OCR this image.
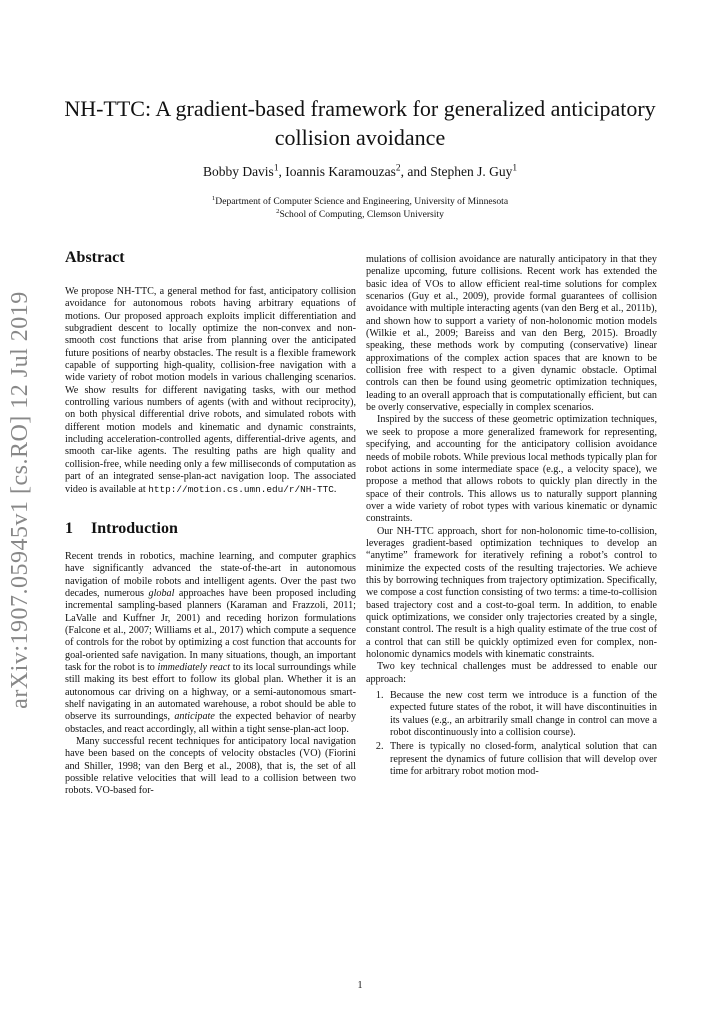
arXiv:1907.05945v1 [cs.RO] 12 Jul 2019
NH-TTC: A gradient-based framework for generalized anticipatory collision avoidance
Bobby Davis$^1$, Ioannis Karamouzas$^2$, and Stephen J. Guy$^1$
$^1$Department of Computer Science and Engineering, University of Minnesota
$^2$School of Computing, Clemson University
Abstract

We propose NH-TTC, a general method for fast, anticipatory collision avoidance for autonomous robots having arbitrary equations of motions. Our proposed approach exploits implicit differentiation and subgradient descent to locally optimize the non-convex and non-smooth cost functions that arise from planning over the anticipated future positions of nearby obstacles. The result is a flexible framework capable of supporting high-quality, collision-free navigation with a wide variety of robot motion models in various challenging scenarios. We show results for different navigating tasks, with our method controlling various numbers of agents (with and without reciprocity), on both physical differential drive robots, and simulated robots with different motion models and kinematic and dynamic constraints, including acceleration-controlled agents, differential-drive agents, and smooth car-like agents. The resulting paths are high quality and collision-free, while needing only a few milliseconds of computation as part of an integrated sense-plan-act navigation loop. The associated video is available at http://motion.cs.umn.edu/r/NH-TTC.

1 Introduction

Recent trends in robotics, machine learning, and computer graphics have significantly advanced the state-of-the-art in autonomous navigation of mobile robots and intelligent agents. Over the past two decades, numerous global approaches have been proposed including incremental sampling-based planners (Karaman and Frazzoli, 2011; LaValle and Kuffner Jr, 2001) and receding horizon formulations (Falcone et al., 2007; Williams et al., 2017) which compute a sequence of controls for the robot by optimizing a cost function that accounts for goal-oriented safe navigation. In many situations, though, an important task for the robot is to immediately react to its local surroundings while still making its best effort to follow its global plan. Whether it is an autonomous car driving on a highway, or a semi-autonomous smart-shelf navigating in an automated warehouse, a robot should be able to observe its surroundings, anticipate the expected behavior of nearby obstacles, and react accordingly, all within a tight sense-plan-act loop.

Many successful recent techniques for anticipatory local navigation have been based on the concepts of velocity obstacles (VO) (Fiorini and Shiller, 1998; van den Berg et al., 2008), that is, the set of all possible relative velocities that will lead to a collision between two robots. VO-based for-

mulations of collision avoidance are naturally anticipatory in that they penalize upcoming, future collisions. Recent work has extended the basic idea of VOs to allow efficient real-time solutions for complex scenarios (Guy et al., 2009), provide formal guarantees of collision avoidance with multiple interacting agents (van den Berg et al., 2011b), and shown how to support a variety of non-holonomic motion models (Wilkie et al., 2009; Bareiss and van den Berg, 2015). Broadly speaking, these methods work by computing (conservative) linear approximations of the complex action spaces that are known to be collision free with respect to a given dynamic obstacle. Optimal controls can then be found using geometric optimization techniques, leading to an overall approach that is computationally efficient, but can be overly conservative, especially in complex scenarios.

Inspired by the success of these geometric optimization techniques, we seek to propose a more generalized framework for representing, specifying, and accounting for the anticipatory collision avoidance needs of mobile robots. While previous local methods typically plan for robot actions in some intermediate space (e.g., a velocity space), we propose a method that allows robots to quickly plan directly in the space of their controls. This allows us to naturally support planning over a wide variety of robot types with various kinematic or dynamic constraints.

Our NH-TTC approach, short for non-holonomic time-to-collision, leverages gradient-based optimization techniques to develop an “anytime” framework for iteratively refining a robot’s control to minimize the expected costs of the resulting trajectories. We achieve this by borrowing techniques from trajectory optimization. Specifically, we compose a cost function consisting of two terms: a time-to-collision based trajectory cost and a cost-to-goal term. In addition, to enable quick optimizations, we consider only trajectories created by a single, constant control. The result is a high quality estimate of the true cost of a control that can still be quickly optimized even for complex, non-holonomic dynamics models with kinematic constraints.

Two key technical challenges must be addressed to enable our approach:

1. Because the new cost term we introduce is a function of the expected future states of the robot, it will have discontinuities in its values (e.g., an arbitrarily small change in control can move a robot discontinuously into a collision course).
2. There is typically no closed-form, analytical solution that can represent the dynamics of future collision that will develop over time for arbitrary robot motion mod-
1
